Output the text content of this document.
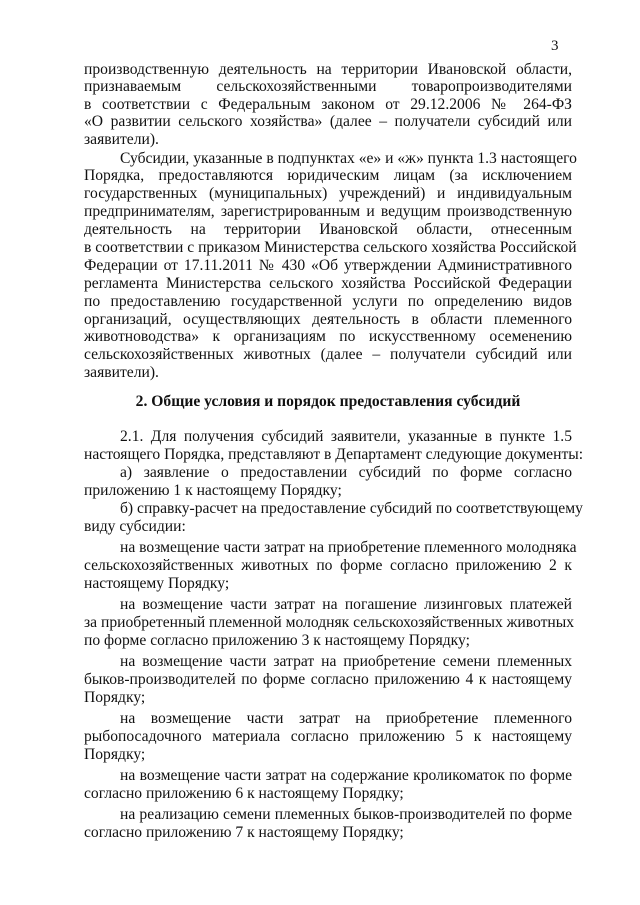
3
производственную деятельность на территории Ивановской области,
признаваемым сельскохозяйственными товаропроизводителями
в соответствии с Федеральным законом от 29.12.2006 № 264-ФЗ
«О развитии сельского хозяйства» (далее – получатели субсидий или
заявители).
Субсидии, указанные в подпунктах «е» и «ж» пункта 1.3 настоящего
Порядка, предоставляются юридическим лицам (за исключением
государственных (муниципальных) учреждений) и индивидуальным
предпринимателям, зарегистрированным и ведущим производственную
деятельность на территории Ивановской области, отнесенным
в соответствии с приказом Министерства сельского хозяйства Российской
Федерации от 17.11.2011 № 430 «Об утверждении Административного
регламента Министерства сельского хозяйства Российской Федерации
по предоставлению государственной услуги по определению видов
организаций, осуществляющих деятельность в области племенного
животноводства» к организациям по искусственному осеменению
сельскохозяйственных животных (далее – получатели субсидий или
заявители).
2. Общие условия и порядок предоставления субсидий
2.1. Для получения субсидий заявители, указанные в пункте 1.5
настоящего Порядка, представляют в Департамент следующие документы:
а) заявление о предоставлении субсидий по форме согласно
приложению 1 к настоящему Порядку;
б) справку-расчет на предоставление субсидий по соответствующему
виду субсидии:
на возмещение части затрат на приобретение племенного молодняка
сельскохозяйственных животных по форме согласно приложению 2 к
настоящему Порядку;
на возмещение части затрат на погашение лизинговых платежей
за приобретенный племенной молодняк сельскохозяйственных животных
по форме согласно приложению 3 к настоящему Порядку;
на возмещение части затрат на приобретение семени племенных
быков-производителей по форме согласно приложению 4 к настоящему
Порядку;
на возмещение части затрат на приобретение племенного
рыбопосадочного материала согласно приложению 5 к настоящему
Порядку;
на возмещение части затрат на содержание кроликоматок по форме
согласно приложению 6 к настоящему Порядку;
на реализацию семени племенных быков-производителей по форме
согласно приложению 7 к настоящему Порядку;
